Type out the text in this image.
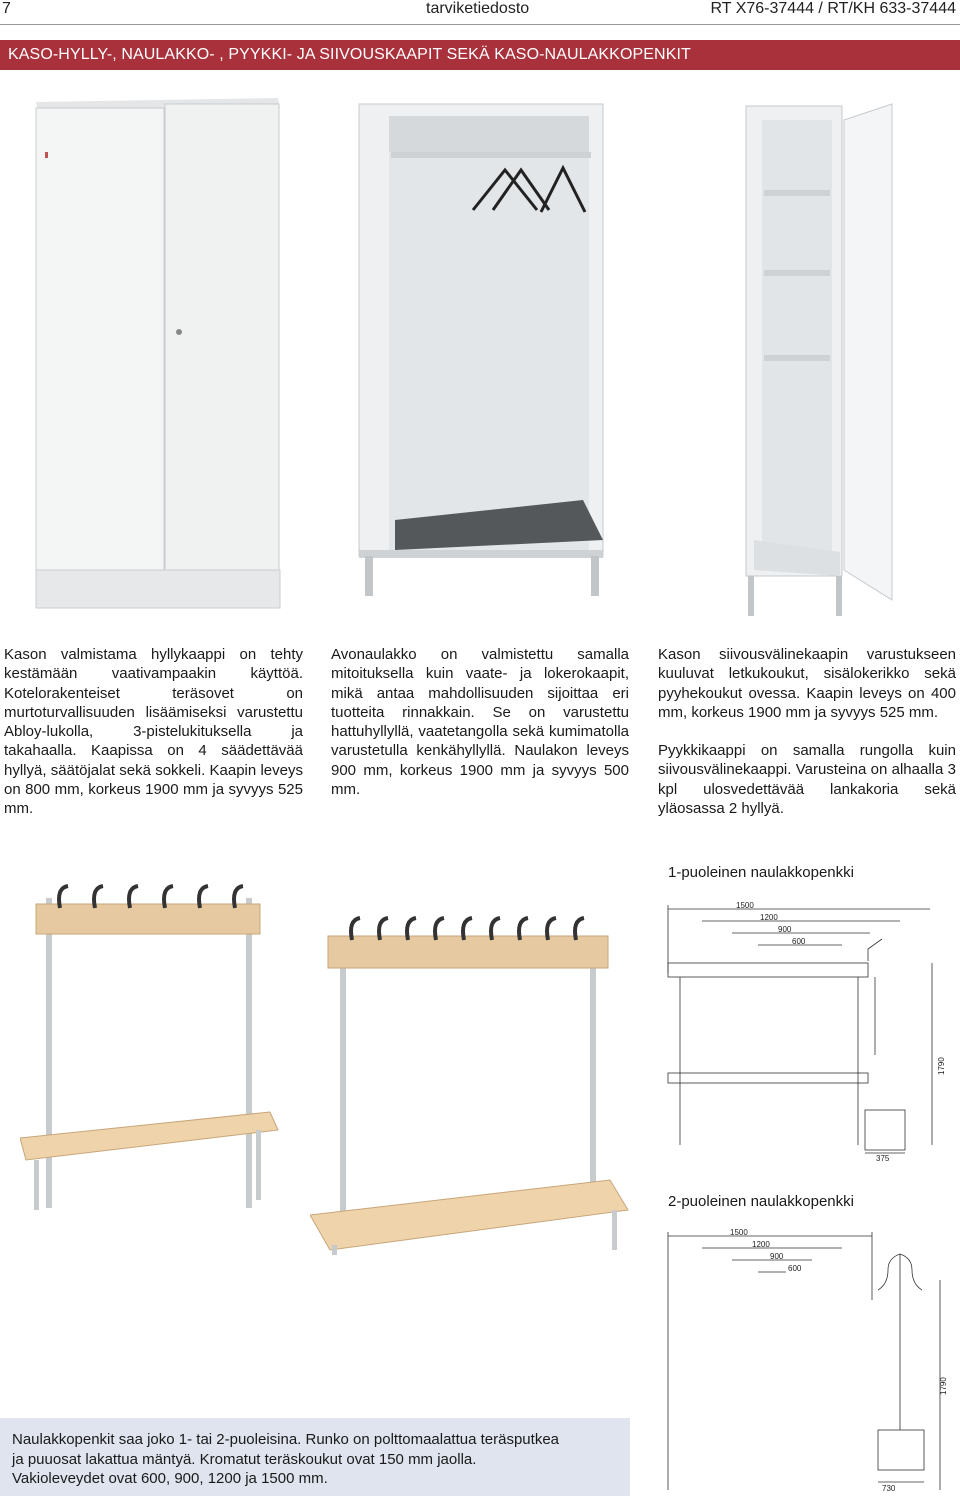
7	tarviketiedosto	RT X76-37444 / RT/KH 633-37444
KASO-HYLLY-, NAULAKKO- , PYYKKI- JA SIIVOUSKAAPIT SEKÄ KASO-NAULAKKOPENKIT
Kason valmistama hyllykaappi on tehty kestämään vaativampaakin käyttöä. Kotelorakenteiset teräsovet on murtoturvallisuuden lisäämiseksi varustettu Abloy-lukolla, 3-pistelukituksella ja takahaalla. Kaapissa on 4 säädettävää hyllyä, säätöjalat sekä sokkeli. Kaapin leveys on 800 mm, korkeus 1900 mm ja syvyys 525 mm.
Avonaulakko on valmistettu samalla mitoituksella kuin vaate- ja lokerokaapit, mikä antaa mahdollisuuden sijoittaa eri tuotteita rinnakkain. Se on varustettu hattuhyllyllä, vaatetangolla sekä kumimatolla varustetulla kenkähyllyllä. Naulakon leveys 900 mm, korkeus 1900 mm ja syvyys 500 mm.
Kason siivousvälinekaapin varustukseen kuuluvat letkukoukut, sisälokerikko sekä pyyhekoukut ovessa. Kaapin leveys on 400 mm, korkeus 1900 mm ja syvyys 525 mm.
Pyykkikaappi on samalla rungolla kuin siivousvälinekaappi. Varusteina on alhaalla 3 kpl ulosvedettävää lankakoria sekä yläosassa 2 hyllyä.
1-puoleinen naulakkopenkki
1500
1200
900
600
1790
375
2-puoleinen naulakkopenkki
1500
1200
900
600
1790
730

Naulakkopenkit saa joko 1- tai 2-puoleisina. Runko on polttomaalattua teräsputkea
ja puuosat lakattua mäntyä. Kromatut teräskoukut ovat 150 mm jaolla.
Vakioleveydet ovat 600, 900, 1200 ja 1500 mm.
